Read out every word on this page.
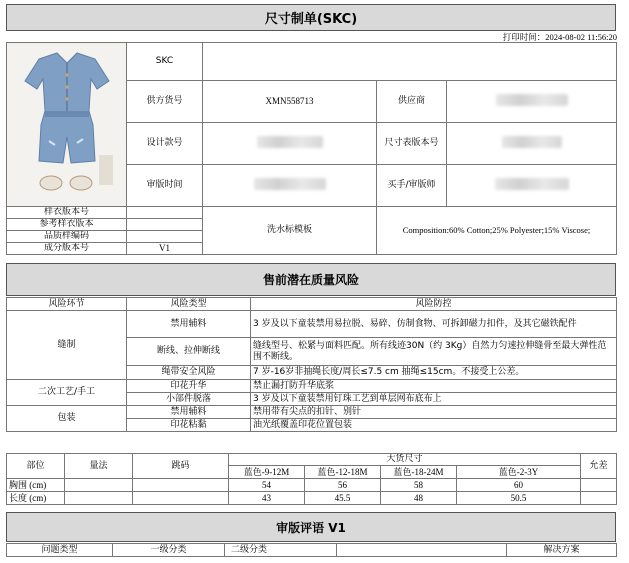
尺寸制单(SKC)
打印时间：2024-08-02 11:56:20
	SKC			
	供方货号	XMN558713	供应商	
	设计款号		尺寸表版本号	
	审版时间		买手/审版师	
样衣版本号		洗水标模板	Composition:60% Cotton;25% Polyester;15% Viscose;
参考样衣版本			
品质样编码			
成分版本号	V1		
售前潜在质量风险
风险环节	风险类型	风险防控
缝制	禁用辅料	3 岁及以下童装禁用易拉脱、易碎、仿制食物、可拆卸磁力扣件，及其它磁铁配件
	断线、拉伸断线	缝线型号、松紧与面料匹配。所有线迹30N（约 3Kg）自然力匀速拉伸缝骨至最大弹性范围不断线。
	绳带安全风险	7 岁-16岁非抽绳长度/周长≤7.5 cm 抽绳≤15cm。不接受上公差。
二次工艺/手工	印花升华	禁止漏打防升华底浆
	小部件脱落	3 岁及以下童装禁用钉珠工艺到单层网布底布上
包装	禁用辅料	禁用带有尖点的扣针、别针
	印花粘黏	油光纸覆盖印花位置包装
部位	量法	跳码	大货尺寸				允差
			蓝色-9-12M	蓝色-12-18M	蓝色-18-24M	蓝色-2-3Y	
胸围 (cm)			54	56	58	60	
长度 (cm)			43	45.5	48	50.5	
审版评语 V1
问题类型	一级分类	二级分类		解决方案
